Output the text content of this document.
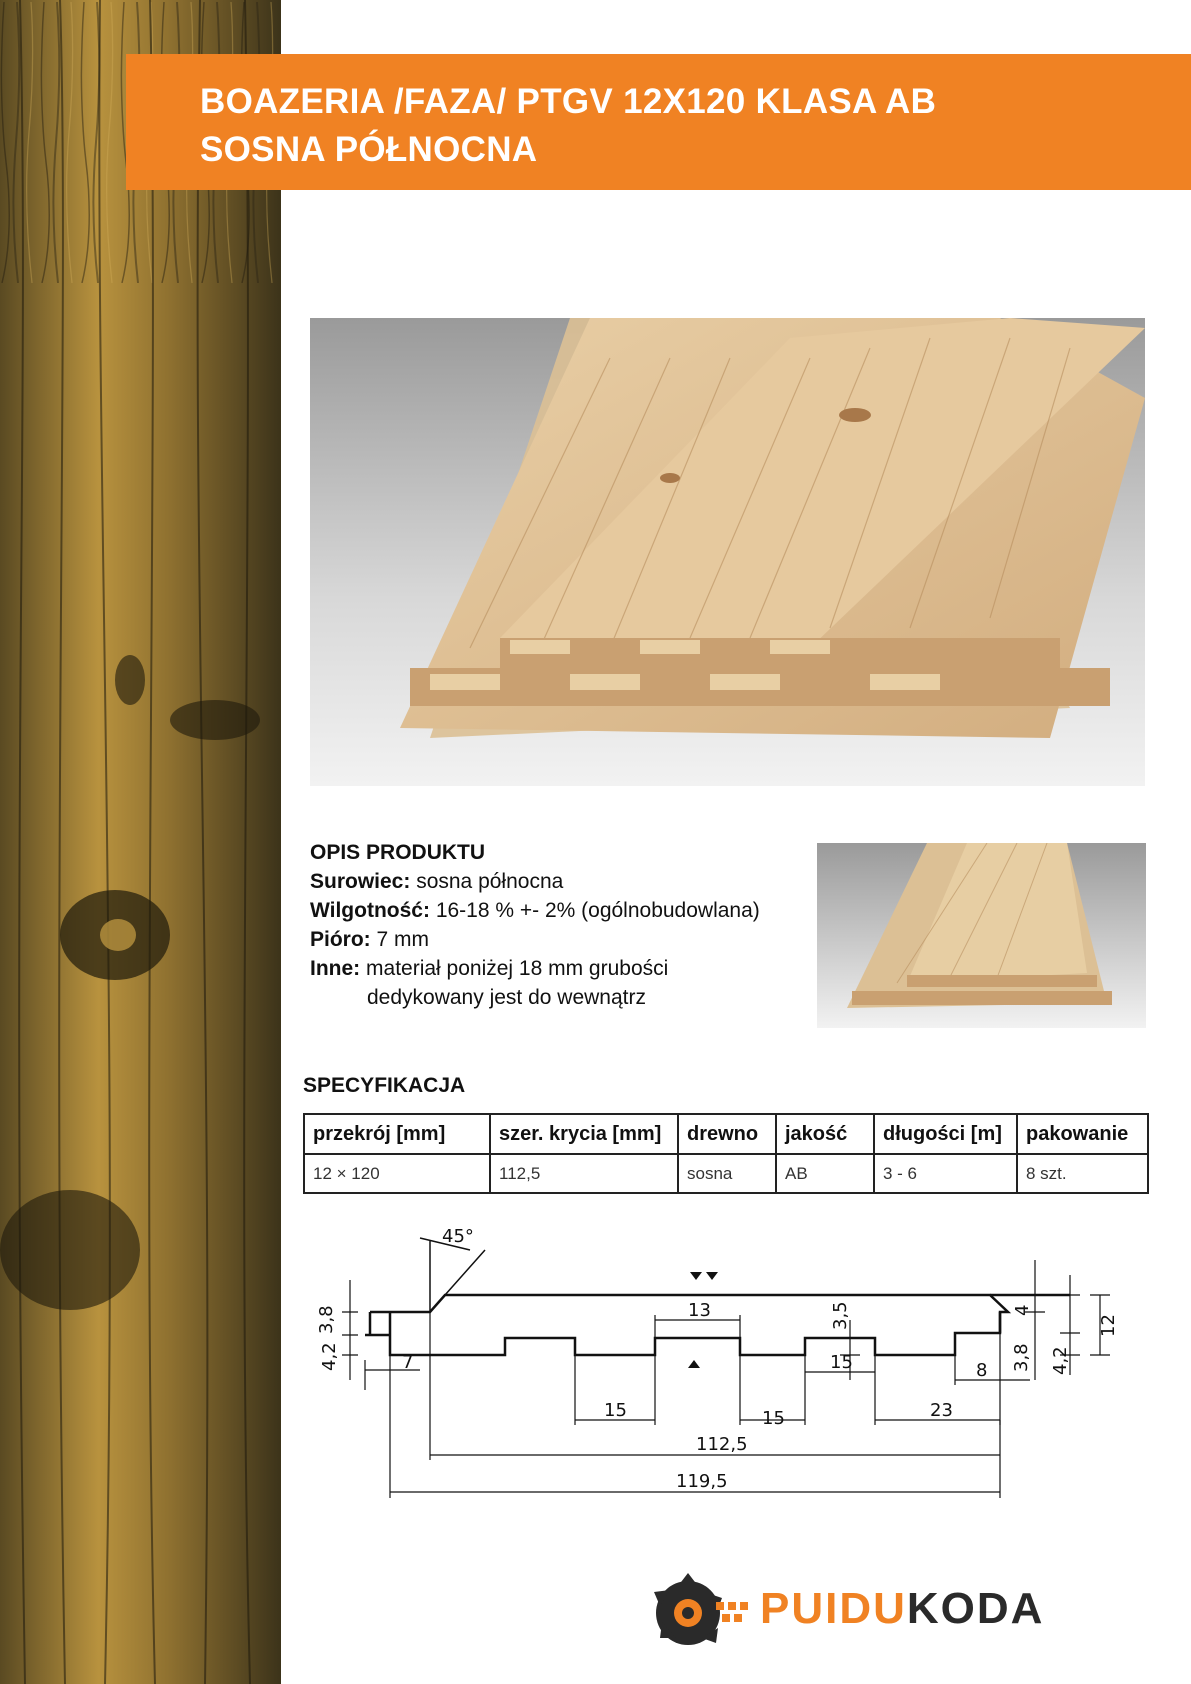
BOAZERIA /FAZA/ PTGV 12X120 KLASA AB
SOSNA PÓŁNOCNA
OPIS PRODUKTU
Surowiec: sosna północna
Wilgotność: 16-18 % +- 2% (ogólnobudowlana)
Pióro: 7 mm
Inne: materiał poniżej 18 mm grubości
dedykowany jest do wewnątrz
SPECYFIKACJA
przekrój [mm]	szer. krycia [mm]	drewno	jakość	długości [m]	pakowanie
12 × 120	112,5	sosna	AB	3 - 6	8 szt.
45°
3,8
4,2	7
13	3,5
15	15
15
23
8
4
3,8 4,2
12
112,5
119,5
PUIDUKODA
